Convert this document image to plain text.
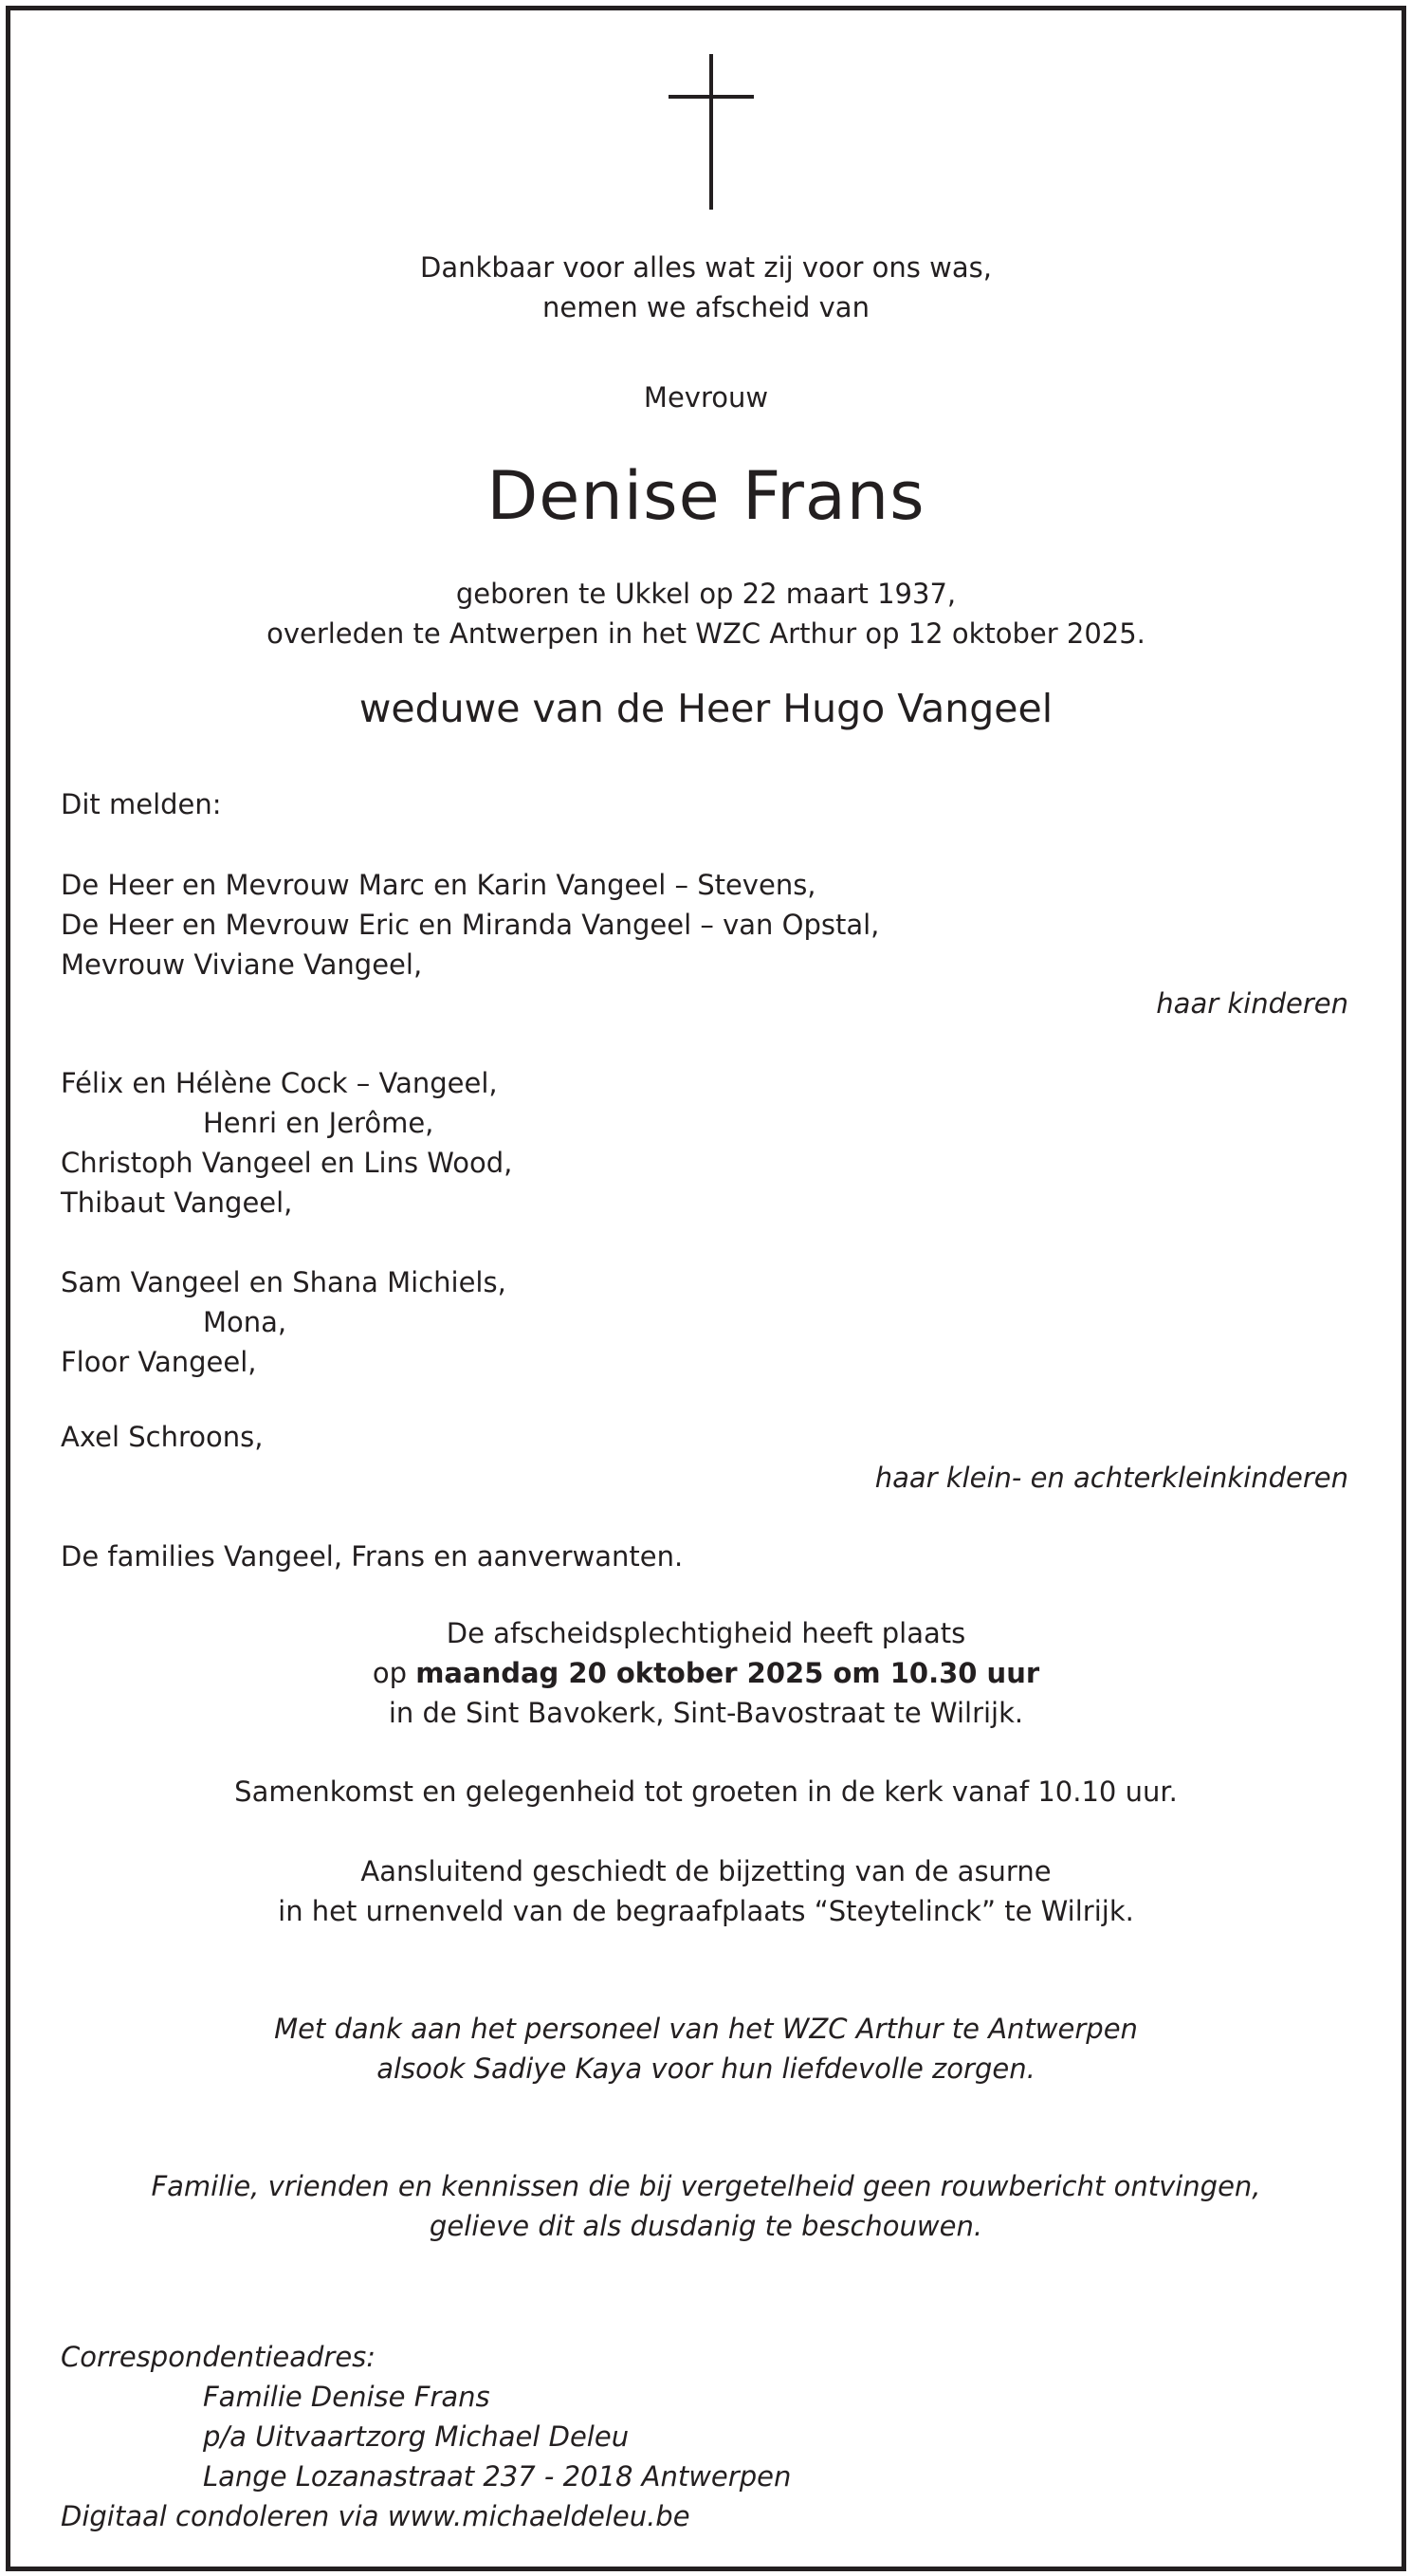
Dankbaar voor alles wat zij voor ons was,
nemen we afscheid van
Mevrouw
Denise Frans
geboren te Ukkel op 22 maart 1937,
overleden te Antwerpen in het WZC Arthur op 12 oktober 2025.
weduwe van de Heer Hugo Vangeel
Dit melden:
De Heer en Mevrouw Marc en Karin Vangeel – Stevens,
De Heer en Mevrouw Eric en Miranda Vangeel – van Opstal,
Mevrouw Viviane Vangeel,
haar kinderen
Félix en Hélène Cock – Vangeel,
Henri en Jerôme,
Christoph Vangeel en Lins Wood,
Thibaut Vangeel,
Sam Vangeel en Shana Michiels,
Mona,
Floor Vangeel,
Axel Schroons,
haar klein- en achterkleinkinderen
De families Vangeel, Frans en aanverwanten.
De afscheidsplechtigheid heeft plaats
op maandag 20 oktober 2025 om 10.30 uur
in de Sint Bavokerk, Sint-Bavostraat te Wilrijk.
Samenkomst en gelegenheid tot groeten in de kerk vanaf 10.10 uur.
Aansluitend geschiedt de bijzetting van de asurne
in het urnenveld van de begraafplaats “Steytelinck” te Wilrijk.
Met dank aan het personeel van het WZC Arthur te Antwerpen
alsook Sadiye Kaya voor hun liefdevolle zorgen.
Familie, vrienden en kennissen die bij vergetelheid geen rouwbericht ontvingen,
gelieve dit als dusdanig te beschouwen.
Correspondentieadres:
Familie Denise Frans
p/a Uitvaartzorg Michael Deleu
Lange Lozanastraat 237 - 2018 Antwerpen
Digitaal condoleren via www.michaeldeleu.be
